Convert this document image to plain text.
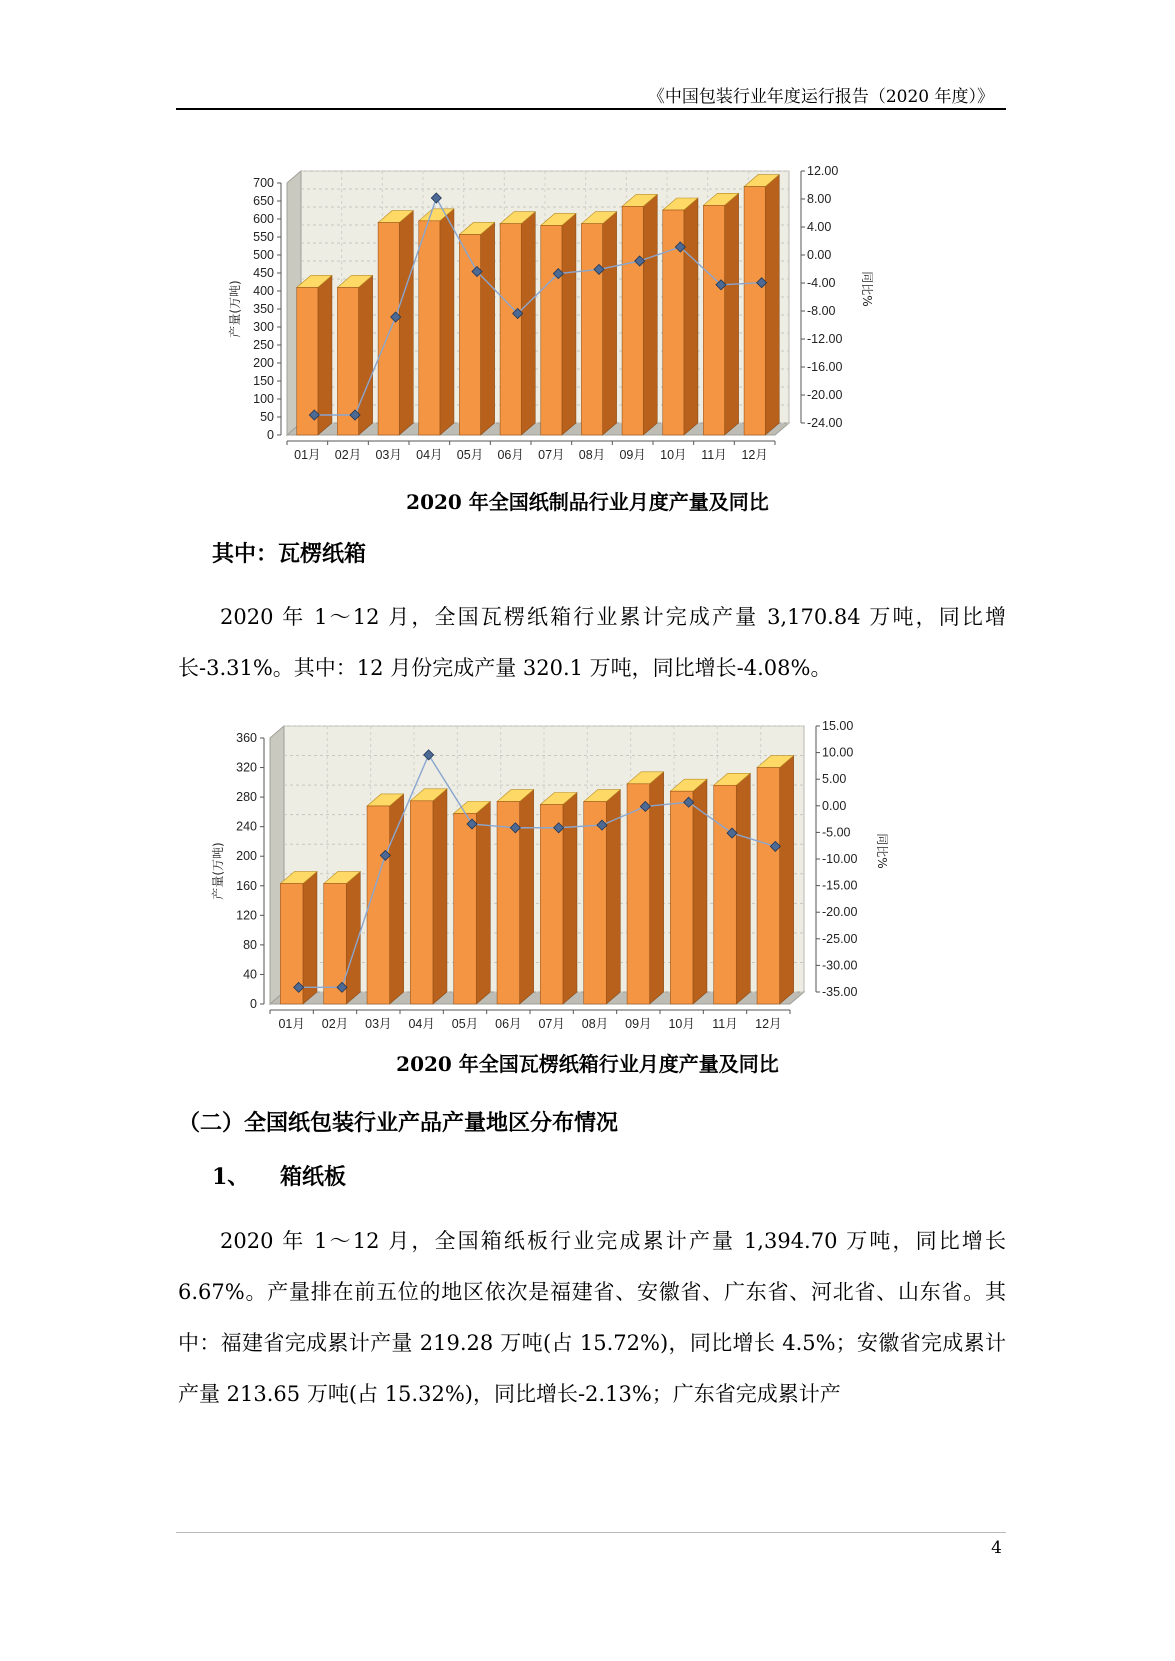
《中国包装行业年度运行报告（2020 年度）》
0
50
100
150
200
250
300
350
400
450
500
550
600
650
700
-24.00
-20.00
-16.00
-12.00
-8.00
-4.00
0.00
4.00
8.00
12.00
产量(万吨)	同比%
01月 02月 03月 04月 05月 06月 07月 08月 09月 10月 11月 12月
2020 年全国纸制品行业月度产量及同比
其中：瓦楞纸箱

2020 年 1～12 月，全国瓦楞纸箱行业累计完成产量 3,170.84 万吨，同比增长-3.31%。其中：12 月份完成产量 320.1 万吨，同比增长-4.08%。

0
40
80
120
160
200
240
280
320
360
-35.00
-30.00
-25.00
-20.00
-15.00
-10.00
-5.00
0.00
5.00
10.00
15.00
产量(万吨)	同比%
01月 02月 03月 04月 05月 06月 07月 08月 09月 10月 11月 12月
2020 年全国瓦楞纸箱行业月度产量及同比
（二）全国纸包装行业产品产量地区分布情况
1、 箱纸板

2020 年 1～12 月，全国箱纸板行业完成累计产量 1,394.70 万吨，同比增长 6.67%。产量排在前五位的地区依次是福建省、安徽省、广东省、河北省、山东省。其中：福建省完成累计产量 219.28 万吨(占 15.72%)，同比增长 4.5%；安徽省完成累计产量 213.65 万吨(占 15.32%)，同比增长-2.13%；广东省完成累计产

4
